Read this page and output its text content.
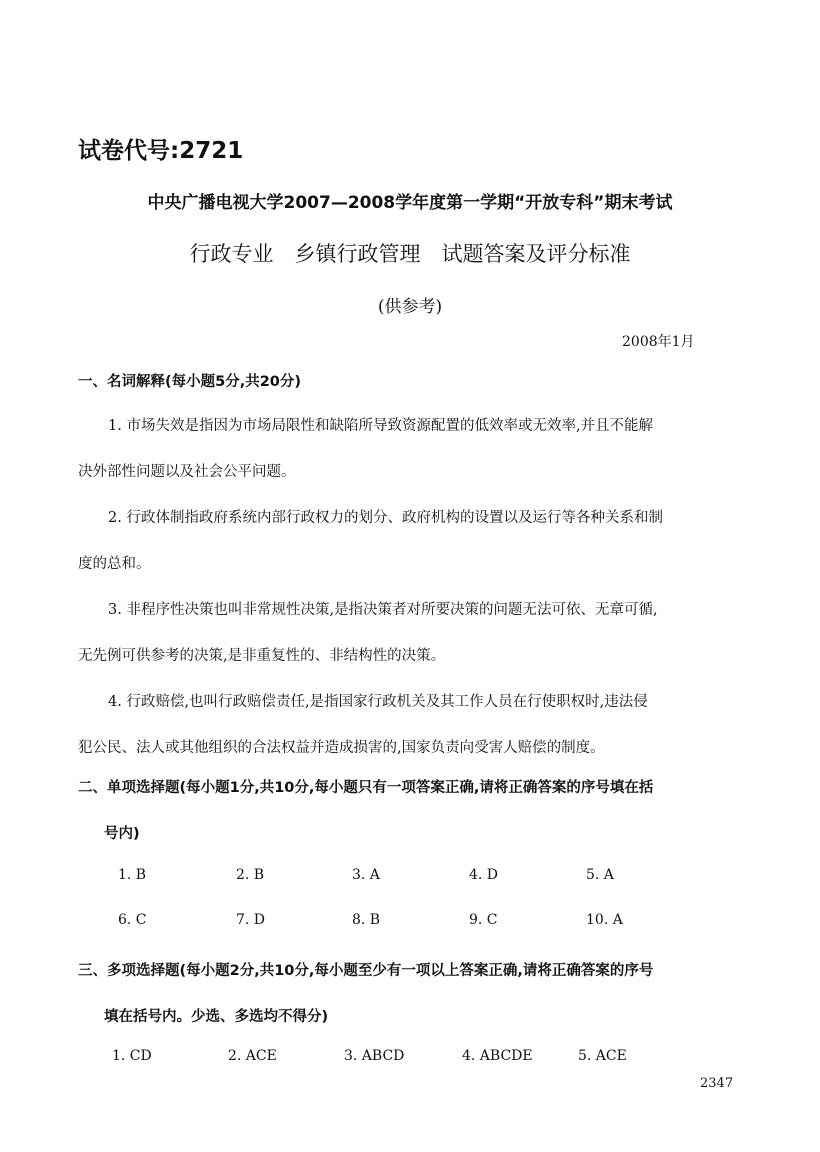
试卷代号:2721
中央广播电视大学2007—2008学年度第一学期“开放专科”期末考试
行政专业　乡镇行政管理　试题答案及评分标准
(供参考)
2008年1月
一、名词解释(每小题5分,共20分)
1. 市场失效是指因为市场局限性和缺陷所导致资源配置的低效率或无效率,并且不能解
决外部性问题以及社会公平问题。
2. 行政体制指政府系统内部行政权力的划分、政府机构的设置以及运行等各种关系和制
度的总和。
3. 非程序性决策也叫非常规性决策,是指决策者对所要决策的问题无法可依、无章可循,
无先例可供参考的决策,是非重复性的、非结构性的决策。
4. 行政赔偿,也叫行政赔偿责任,是指国家行政机关及其工作人员在行使职权时,违法侵
犯公民、法人或其他组织的合法权益并造成损害的,国家负责向受害人赔偿的制度。
二、单项选择题(每小题1分,共10分,每小题只有一项答案正确,请将正确答案的序号填在括
号内)
1. B	2. B	3. A	4. D	5. A
6. C	7. D	8. B	9. C	10. A
三、多项选择题(每小题2分,共10分,每小题至少有一项以上答案正确,请将正确答案的序号
填在括号内。少选、多选均不得分)
1. CD	2. ACE	3. ABCD	4. ABCDE	5. ACE
2347
